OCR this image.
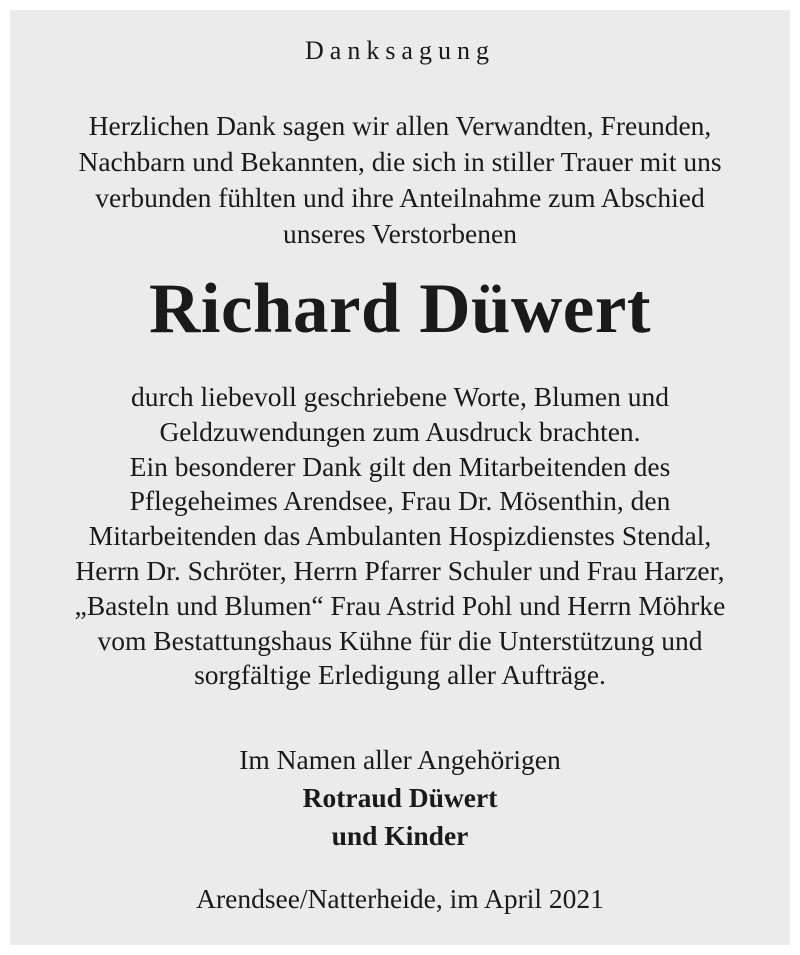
Danksagung
Herzlichen Dank sagen wir allen Verwandten, Freunden,
Nachbarn und Bekannten, die sich in stiller Trauer mit uns
verbunden fühlten und ihre Anteilnahme zum Abschied
unseres Verstorbenen
Richard Düwert
durch liebevoll geschriebene Worte, Blumen und
Geldzuwendungen zum Ausdruck brachten.
Ein besonderer Dank gilt den Mitarbeitenden des
Pflegeheimes Arendsee, Frau Dr. Mösenthin, den
Mitarbeitenden das Ambulanten Hospizdienstes Stendal,
Herrn Dr. Schröter, Herrn Pfarrer Schuler und Frau Harzer,
„Basteln und Blumen“ Frau Astrid Pohl und Herrn Möhrke
vom Bestattungshaus Kühne für die Unterstützung und
sorgfältige Erledigung aller Aufträge.
Im Namen aller Angehörigen
Rotraud Düwert
und Kinder
Arendsee/Natterheide, im April 2021
